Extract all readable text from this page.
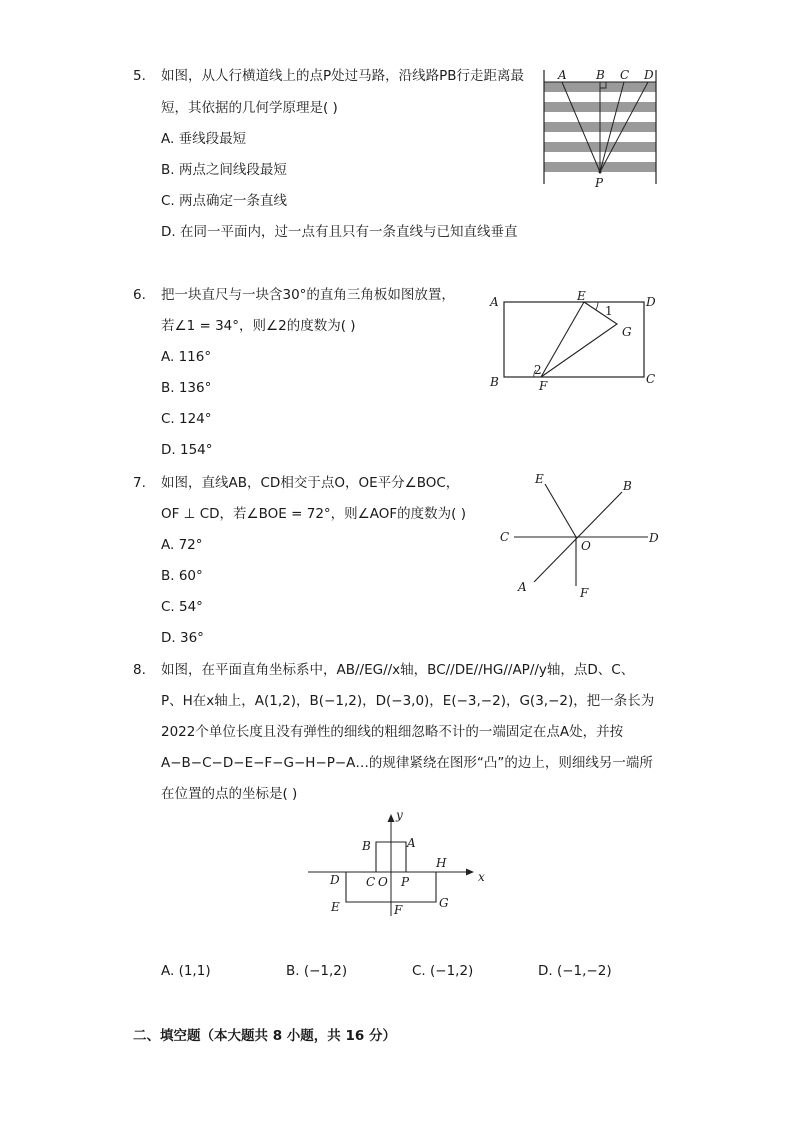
5. 如图，从人行横道线上的点P处过马路，沿线路PB行走距离最
短，其依据的几何学原理是( )
A. 垂线段最短
B. 两点之间线段最短
C. 两点确定一条直线
D. 在同一平面内，过一点有且只有一条直线与已知直线垂直
A B C D
P
6. 把一块直尺与一块含30°的直角三角板如图放置，
若∠1 = 34°，则∠2的度数为( )
A. 116°
B. 136°
C. 124°
D. 154°
A	E
1
D
G
2
B	F	C
7. 如图，直线AB，CD相交于点O，OE平分∠BOC，
OF ⊥ CD，若∠BOE = 72°，则∠AOF的度数为( )
A. 72°
B. 60°
C. 54°
D. 36°
E	B
C
O
D
A	F
8. 如图，在平面直角坐标系中，AB//EG//x轴，BC//DE//HG//AP//y轴，点D、C、
P、H在x轴上，A(1,2)，B(−1,2)，D(−3,0)，E(−3,−2)，G(3,−2)，把一条长为
2022个单位长度且没有弹性的细线的粗细忽略不计的一端固定在点A处，并按
A−B−C−D−E−F−G−H−P−A…的规律紧绕在图形“凸”的边上，则细线另一端所
在位置的点的坐标是( )
y
x
B	A
H
D C O P
E	F	G
A. (1,1)	B. (−1,2)	C. (−1,2)	D. (−1,−2)
二、填空题（本大题共 8 小题，共 16 分）
